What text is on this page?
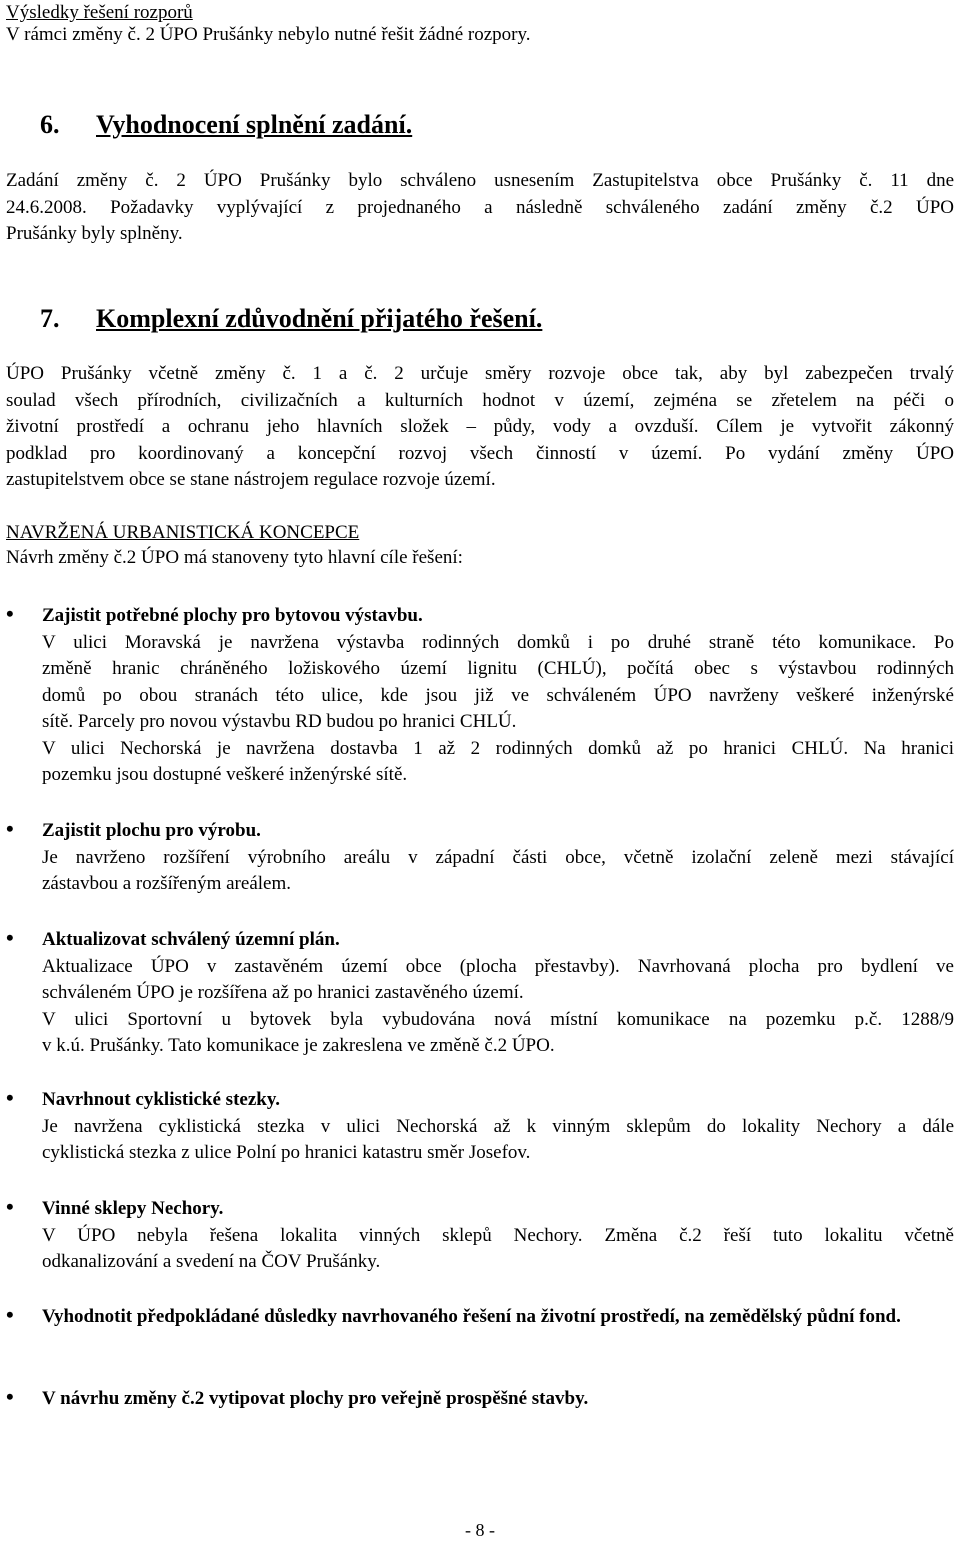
Výsledky řešení rozporů

V rámci změny č. 2 ÚPO Prušánky nebylo nutné řešit žádné rozpory.

6. Vyhodnocení splnění zadání.

Zadání změny č. 2 ÚPO Prušánky bylo schváleno usnesením Zastupitelstva obce Prušánky č. 11 dne

24.6.2008. Požadavky vyplývající z projednaného a následně schváleného zadání změny č.2 ÚPO

Prušánky byly splněny.

7. Komplexní zdůvodnění přijatého řešení.

ÚPO Prušánky včetně změny č. 1 a č. 2 určuje směry rozvoje obce tak, aby byl zabezpečen trvalý

soulad všech přírodních, civilizačních a kulturních hodnot v území, zejména se zřetelem na péči o

životní prostředí a ochranu jeho hlavních složek – půdy, vody a ovzduší. Cílem je vytvořit zákonný

podklad pro koordinovaný a koncepční rozvoj všech činností v území. Po vydání změny ÚPO

zastupitelstvem obce se stane nástrojem regulace rozvoje území.

NAVRŽENÁ URBANISTICKÁ KONCEPCE

Návrh změny č.2 ÚPO má stanoveny tyto hlavní cíle řešení:

•	Zajistit potřebné plochy pro bytovou výstavbu.

V ulici Moravská je navržena výstavba rodinných domků i po druhé straně této komunikace. Po

změně hranic chráněného ložiskového území lignitu (CHLÚ), počítá obec s výstavbou rodinných

domů po obou stranách této ulice, kde jsou již ve schváleném ÚPO navrženy veškeré inženýrské

sítě. Parcely pro novou výstavbu RD budou po hranici CHLÚ.

V ulici Nechorská je navržena dostavba 1 až 2 rodinných domků až po hranici CHLÚ. Na hranici

pozemku jsou dostupné veškeré inženýrské sítě.

•	Zajistit plochu pro výrobu.

Je navrženo rozšíření výrobního areálu v západní části obce, včetně izolační zeleně mezi stávající

zástavbou a rozšířeným areálem.

•	Aktualizovat schválený územní plán.

Aktualizace ÚPO v zastavěném území obce (plocha přestavby). Navrhovaná plocha pro bydlení ve

schváleném ÚPO je rozšířena až po hranici zastavěného území.

V ulici Sportovní u bytovek byla vybudována nová místní komunikace na pozemku p.č. 1288/9

v k.ú. Prušánky. Tato komunikace je zakreslena ve změně č.2 ÚPO.

•	Navrhnout cyklistické stezky.

Je navržena cyklistická stezka v ulici Nechorská až k vinným sklepům do lokality Nechory a dále

cyklistická stezka z ulice Polní po hranici katastru směr Josefov.

•	Vinné sklepy Nechory.

V ÚPO nebyla řešena lokalita vinných sklepů Nechory. Změna č.2 řeší tuto lokalitu včetně

odkanalizování a svedení na ČOV Prušánky.

•	Vyhodnotit předpokládané důsledky navrhovaného řešení na životní prostředí, na zemědělský půdní fond.
•	V návrhu změny č.2 vytipovat plochy pro veřejně prospěšné stavby.
- 8 -
